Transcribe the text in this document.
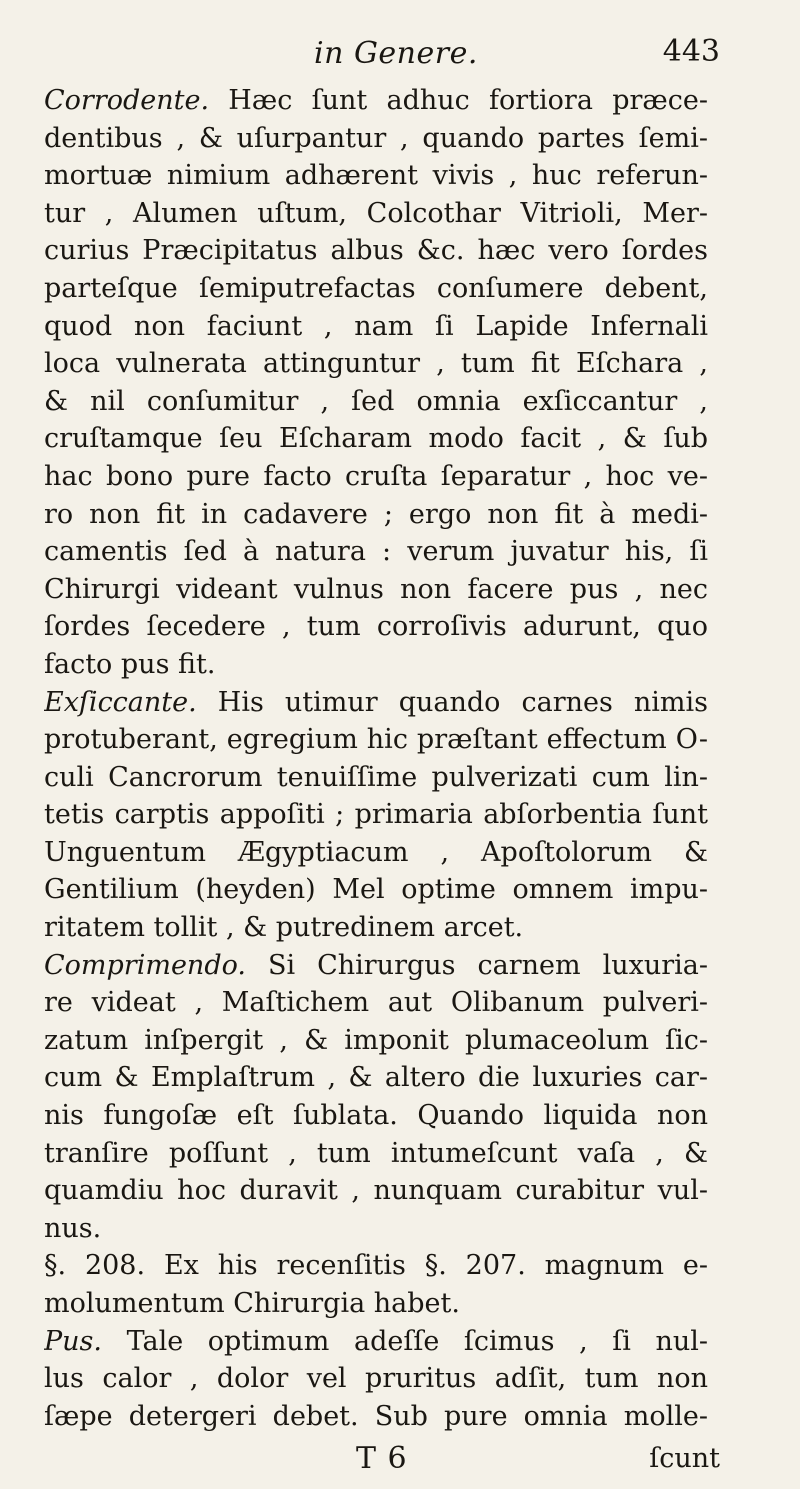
in Genere.	443
Corrodente. Hæc ſunt adhuc fortiora præce-
dentibus , & uſurpantur , quando partes ſemi-
mortuæ nimium adhærent vivis , huc referun-
tur , Alumen uſtum, Colcothar Vitrioli, Mer-
curius Præcipitatus albus &c. hæc vero ſordes
parteſque ſemiputrefactas conſumere debent,
quod non faciunt , nam ſi Lapide Infernali
loca vulnerata attinguntur , tum fit Eſchara ,
& nil conſumitur , ſed omnia exſiccantur ,
cruſtamque ſeu Eſcharam modo facit , & ſub
hac bono pure facto cruſta ſeparatur , hoc ve-
ro non fit in cadavere ; ergo non fit à medi-
camentis ſed à natura : verum juvatur his, ſi
Chirurgi videant vulnus non facere pus , nec
ſordes ſecedere , tum corroſivis adurunt, quo
facto pus fit.
Exſiccante. His utimur quando carnes nimis
protuberant, egregium hic præſtant effectum O-
culi Cancrorum tenuiſſime pulverizati cum lin-
tetis carptis appoſiti ; primaria abſorbentia ſunt
Unguentum Ægyptiacum , Apoſtolorum &
Gentilium (heyden) Mel optime omnem impu-
ritatem tollit , & putredinem arcet.
Comprimendo. Si Chirurgus carnem luxuria-
re videat , Maſtichem aut Olibanum pulveri-
zatum inſpergit , & imponit plumaceolum ſic-
cum & Emplaſtrum , & altero die luxuries car-
nis fungoſæ eſt ſublata. Quando liquida non
tranſire poſſunt , tum intumeſcunt vaſa , &
quamdiu hoc duravit , nunquam curabitur vul-
nus.
§. 208. Ex his recenſitis §. 207. magnum e-
molumentum Chirurgia habet.
Pus. Tale optimum adeſſe ſcimus , ſi nul-
lus calor , dolor vel pruritus adſit, tum non
ſæpe detergeri debet. Sub pure omnia molle-
T 6	ſcunt
